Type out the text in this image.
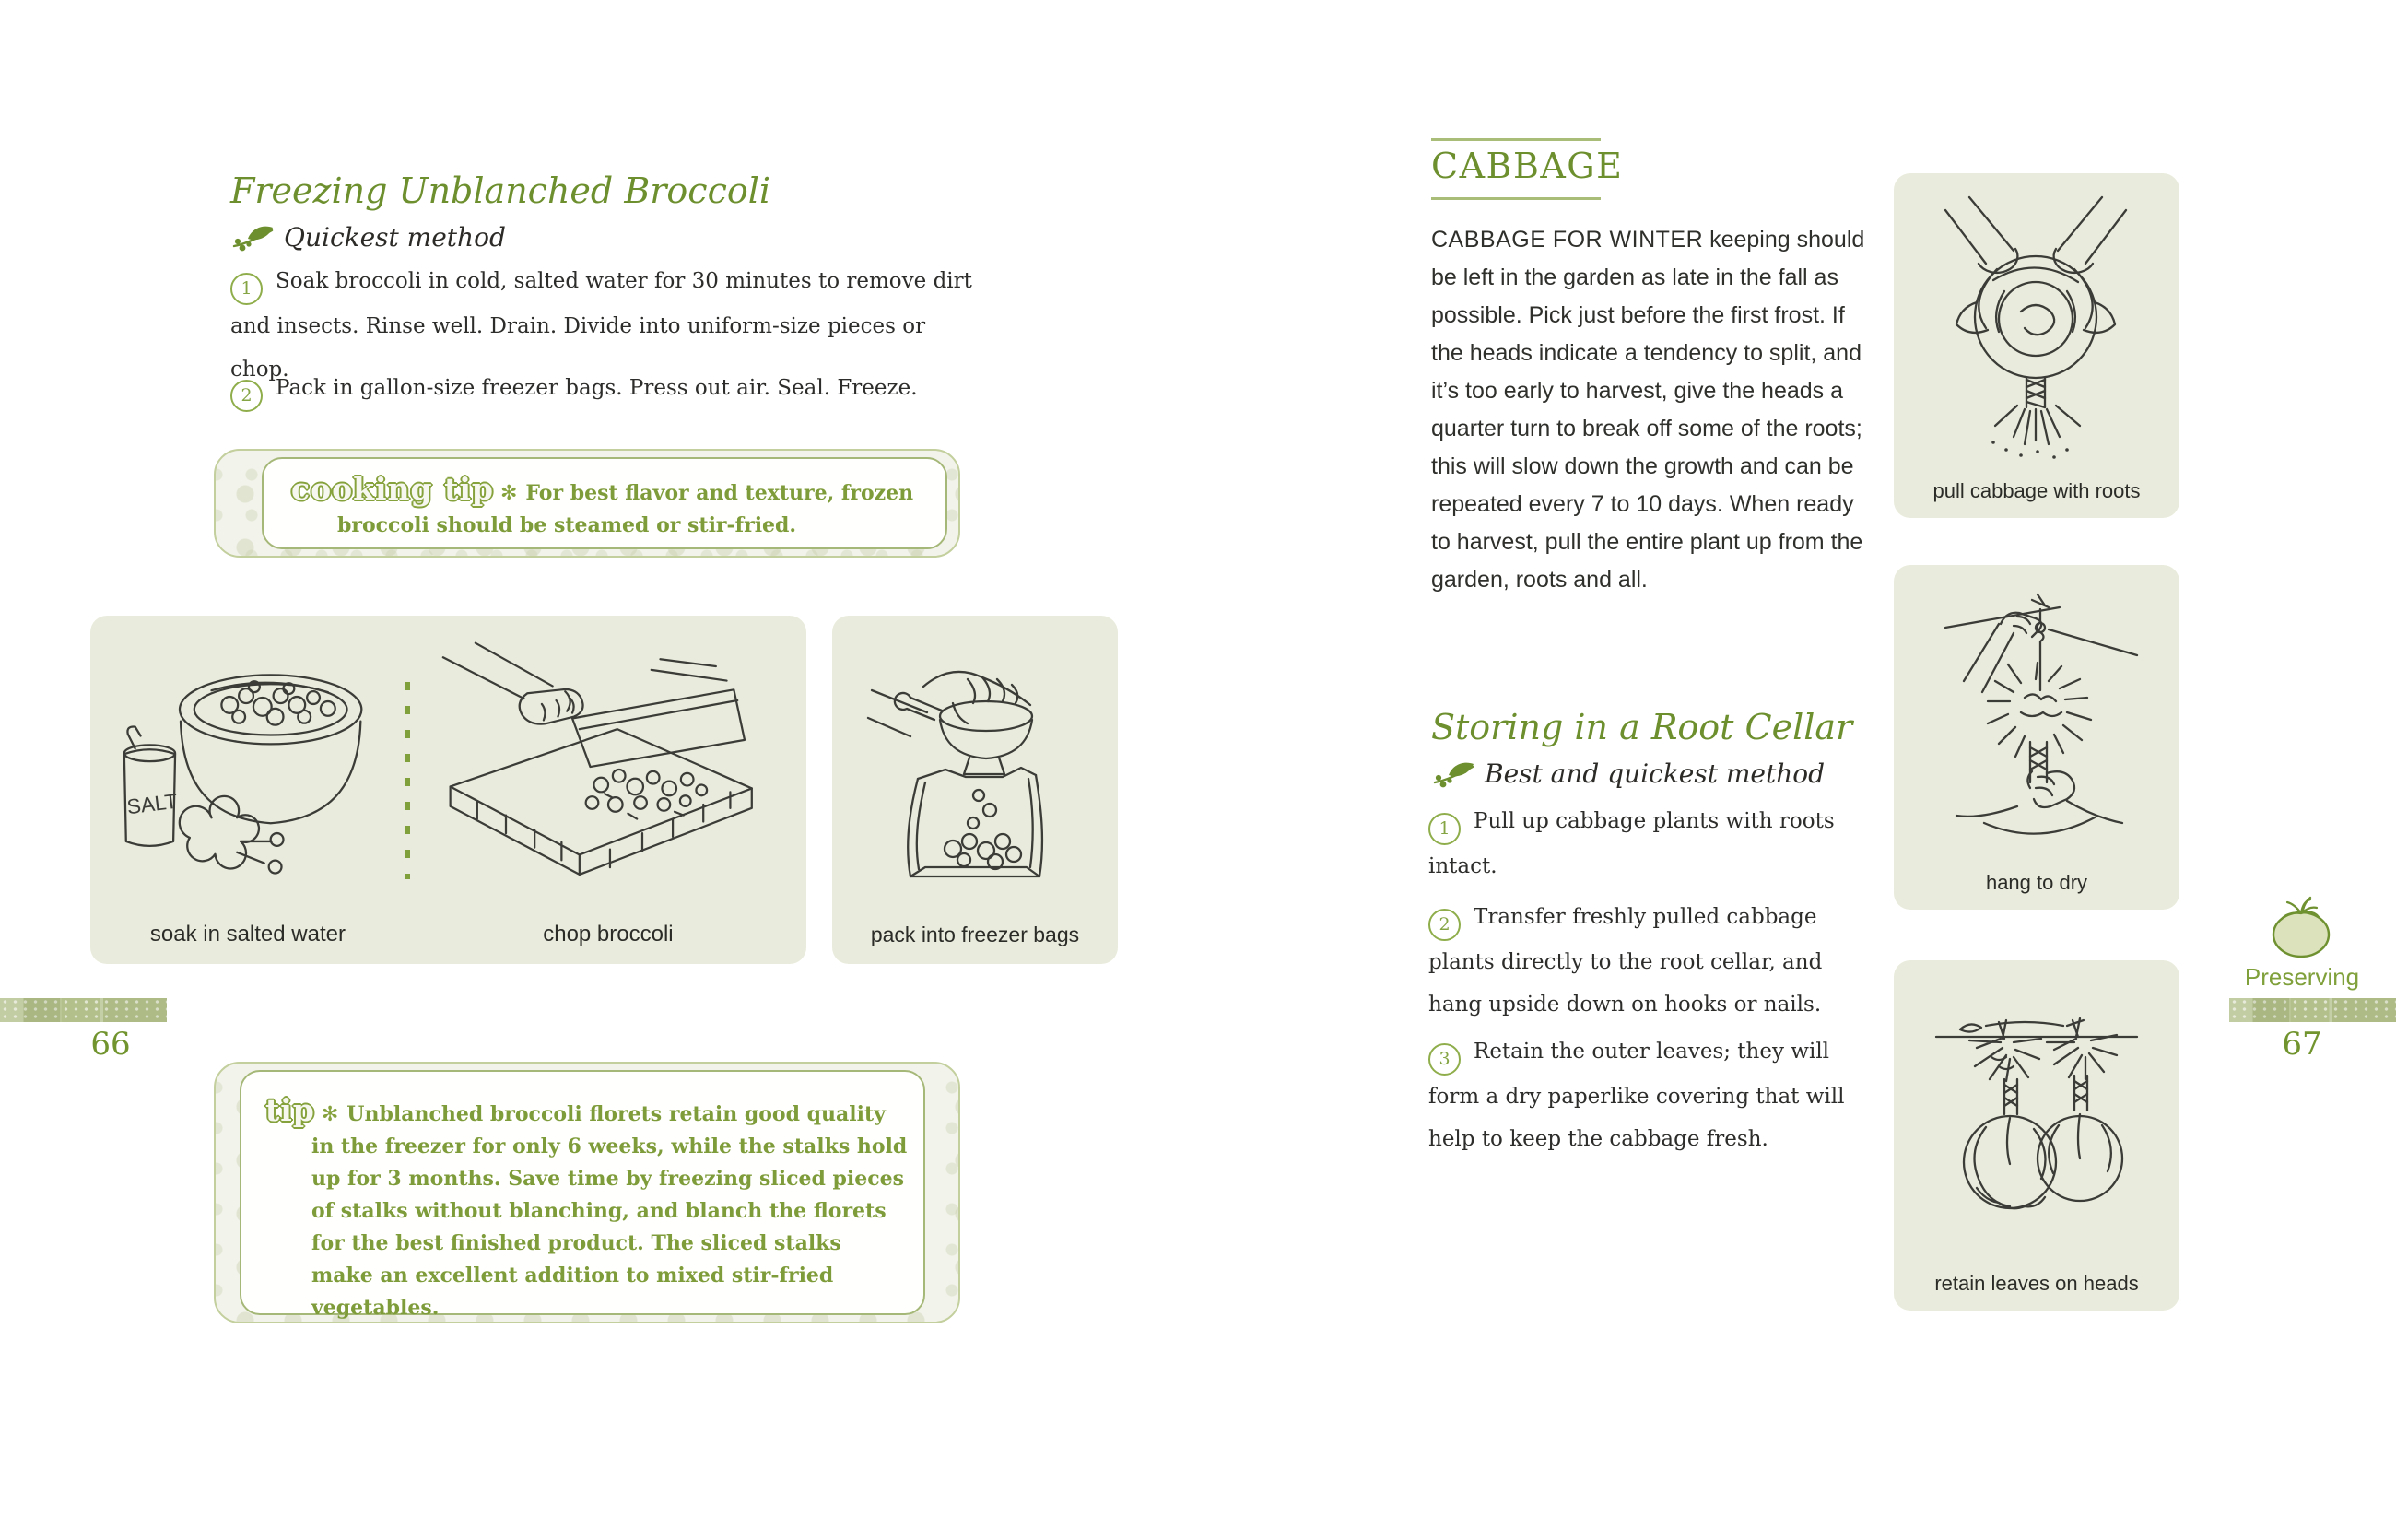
Freezing Unblanched Broccoli
Quickest method

1 Soak broccoli in cold, salted water for 30 minutes to remove dirt and insects. Rinse well. Drain. Divide into uniform-size pieces or chop.

2 Pack in gallon-size freezer bags. Press out air. Seal. Freeze.

cooking tip ✻ For best flavor and texture, frozen broccoli should be steamed or stir-fried.

SALT

soak in salted water	chop broccoli	pack into freezer bags

66

tip ✻ Unblanched broccoli florets retain good quality in the freezer for only 6 weeks, while the stalks hold up for 3 months. Save time by freezing sliced pieces of stalks without blanching, and blanch the florets for the best finished product. The sliced stalks make an excellent addition to mixed stir-fried vegetables.

CABBAGE

CABBAGE FOR WINTER keeping should be left in the garden as late in the fall as possible. Pick just before the first frost. If the heads indicate a tendency to split, and it’s too early to harvest, give the heads a quarter turn to break off some of the roots; this will slow down the growth and can be repeated every 7 to 10 days. When ready to harvest, pull the entire plant up from the garden, roots and all.

Storing in a Root Cellar
Best and quickest method

1 Pull up cabbage plants with roots intact.

2 Transfer freshly pulled cabbage plants directly to the root cellar, and hang upside down on hooks or nails.

3 Retain the outer leaves; they will form a dry paperlike covering that will help to keep the cabbage fresh.

pull cabbage with roots

hang to dry

retain leaves on heads

Preserving
67
